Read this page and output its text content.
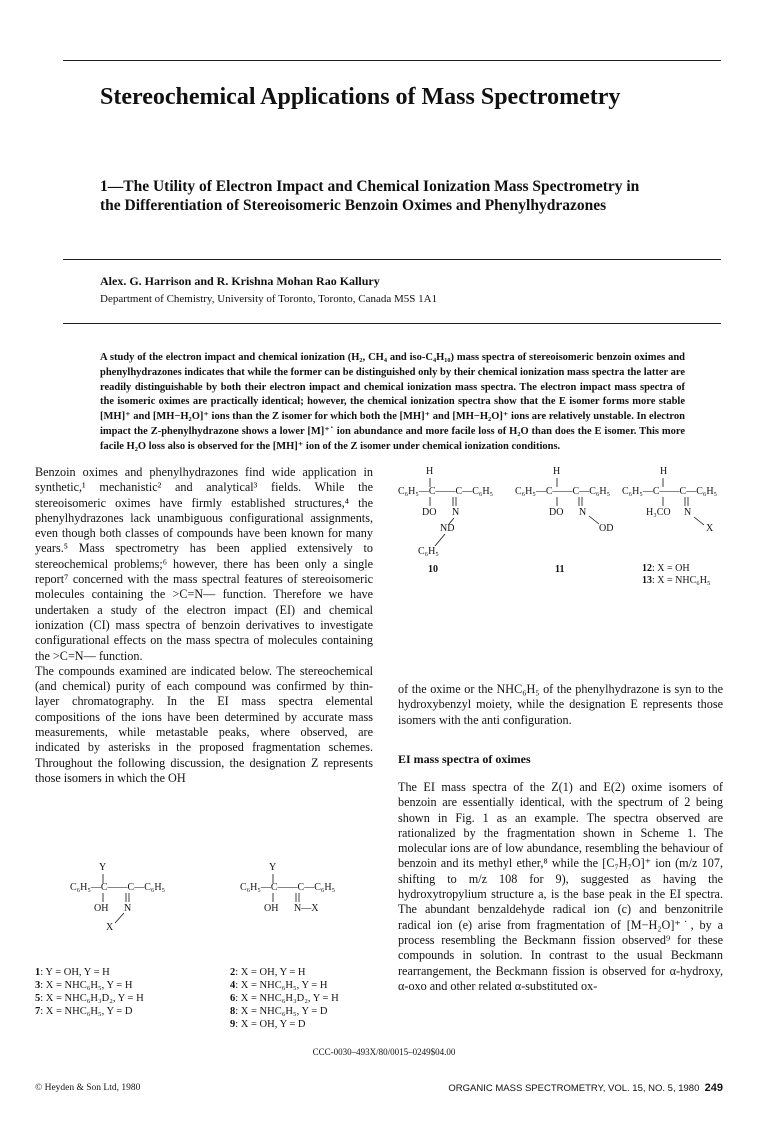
Stereochemical Applications of Mass Spectrometry
1—The Utility of Electron Impact and Chemical Ionization Mass Spectrometry in the Differentiation of Stereoisomeric Benzoin Oximes and Phenylhydrazones

Alex. G. Harrison and R. Krishna Mohan Rao Kallury

Department of Chemistry, University of Toronto, Toronto, Canada M5S 1A1

A study of the electron impact and chemical ionization (H₂, CH₄ and iso-C₄H₁₀) mass spectra of stereoisomeric benzoin oximes and phenylhydrazones indicates that while the former can be distinguished only by their chemical ionization mass spectra the latter are readily distinguishable by both their electron impact and chemical ionization mass spectra. The electron impact mass spectra of the isomeric oximes are practically identical; however, the chemical ionization spectra show that the E isomer forms more stable [MH]⁺ and [MH−H₂O]⁺ ions than the Z isomer for which both the [MH]⁺ and [MH−H₂O]⁺ ions are relatively unstable. In electron impact the Z-phenylhydrazone shows a lower [M]⁺˙ ion abundance and more facile loss of H₂O than does the E isomer. This more facile H₂O loss also is observed for the [MH]⁺ ion of the Z isomer under chemical ionization conditions.

Benzoin oximes and phenylhydrazones find wide application in synthetic,¹ mechanistic² and analytical³ fields. While the stereoisomeric oximes have firmly established structures,⁴ the phenylhydrazones lack unambiguous configurational assignments, even though both classes of compounds have been known for many years.⁵ Mass spectrometry has been applied extensively to stereochemical problems;⁶ however, there has been only a single report⁷ concerned with the mass spectral features of stereoisomeric molecules containing the >C=N— function. Therefore we have undertaken a study of the electron impact (EI) and chemical ionization (CI) mass spectra of benzoin derivatives to investigate configurational effects on the mass spectra of molecules containing the >C=N— function.

The compounds examined are indicated below. The stereochemical (and chemical) purity of each compound was confirmed by thin-layer chromatography. In the EI mass spectra elemental compositions of the ions have been determined by accurate mass measurements, while metastable peaks, where observed, are indicated by asterisks in the proposed fragmentation schemes. Throughout the following discussion, the designation Z represents those isomers in which the OH

H
C₆H₅—C——C—C₆H₅
DO N
ND
C₆H₅
10
H
C₆H₅—C——C—C₆H₅
DO N
OD
11
H
C₆H₅—C——C—C₆H₅
H₃CO N
X
12: X = OH
13: X = NHC₆H₅

of the oxime or the NHC₆H₅ of the phenylhydrazone is syn to the hydroxybenzyl moiety, while the designation E represents those isomers with the anti configuration.

EI mass spectra of oximes

The EI mass spectra of the Z(1) and E(2) oxime isomers of benzoin are essentially identical, with the spectrum of 2 being shown in Fig. 1 as an example. The spectra observed are rationalized by the fragmentation shown in Scheme 1. The molecular ions are of low abundance, resembling the behaviour of benzoin and its methyl ether,⁸ while the [C₇H₇O]⁺ ion (m/z 107, shifting to m/z 108 for 9), suggested as having the hydroxytropylium structure a, is the base peak in the EI spectra. The abundant benzaldehyde radical ion (c) and benzonitrile radical ion (e) arise from fragmentation of [M−H₂O]⁺˙, by a process resembling the Beckmann fission observed⁹ for these compounds in solution. In contrast to the usual Beckmann rearrangement, the Beckmann fission is observed for α-hydroxy, α-oxo and other related α-substituted ox-

Y
C₆H₅—C——C—C₆H₅
OH N
X
Y
C₆H₅—C——C—C₆H₅
OH N—X
1: Y = OH, Y = H
3: X = NHC₆H₅, Y = H
5: X = NHC₆H₃D₂, Y = H
7: X = NHC₆H₅, Y = D
2: X = OH, Y = H
4: X = NHC₆H₅, Y = H
6: X = NHC₆H₃D₂, Y = H
8: X = NHC₆H₅, Y = D
9: X = OH, Y = D

CCC-0030–493X/80/0015–0249$04.00

© Heyden & Son Ltd, 1980	ORGANIC MASS SPECTROMETRY, VOL. 15, NO. 5, 1980 249
